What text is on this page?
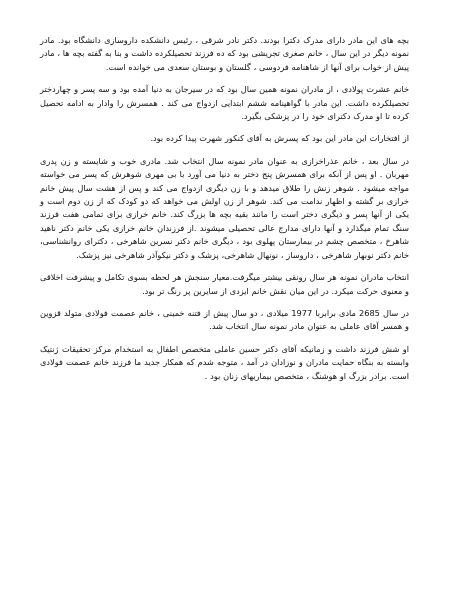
بچه های این مادر دارای مدرک دکترا بودند. دکتر نادر شرقی ، رئیس دانشکده داروسازی دانشگاه بود. مادر نمونه دیگر در این سال ، خانم صغری تجریشی بود که ده فرزند تحصیلکرده داشت و بنا به گفته بچه ها ، مادر پیش از خواب برای آنها از شاهنامه فردوسی ، گلستان و بوستان سعدی می خوانده است.

خانم عشرت پولادی ، از مادران نمونه همین سال بود که در سیرجان به دنیا آمده بود و سه پسر و چهاردختر تحصیلکرده داشت. این مادر با گواهینامه ششم ابتدایی ازدواج می کند . همسرش را وادار به ادامه تحصیل کرده تا او مدرک دکترای خود را در پزشکی بگیرد.

از افتخارات این مادر این بود که پسرش به آقای کنکور شهرت پیدا کرده بود.

در سال بعد ، خانم عذراخرازی به عنوان مادر نمونه سال انتخاب شد. مادری خوب و شایسته و زن پدری مهربان . او پس از آنکه برای همسرش پنج دختر به دنیا می آورد با بی مهری شوهرش که پسر می خواسته مواجه میشود . شوهر زنش را طلاق میدهد و با زن دیگری ازدواج می کند و پس از هشت سال پیش خانم خرازی بر گشته و اظهار ندامت می کند. شوهر از زن اولش می خواهد که دو کودک که از زن دوم است و یکی از آنها پسر و دیگری دختر است را مانند بقیه بچه ها بزرگ کند. خانم خرازی برای تمامی هفت فرزند سنگ تمام میگذارد و آنها دارای مدارج عالی تحصیلی میشوند .از فرزندان خانم خرازی یکی خانم دکتر ناهید شاهرخ ، متخصص چشم در بیمارستان پهلوی بود ، دیگری خانم دکتر نسرین شاهرخی ، دکترای روانشناسی، خانم دکتر نوبهار شاهرخی ، داروساز ، نونهال شاهرخی، پزشک و دکتر نیکوآذر شاهرخی نیز پزشک.

انتخاب مادران نمونه هر سال رونقی بیشتر میگرفت.معیار سنجش هر لحظه بسوی تکامل و پیشرفت اخلاقی و معنوی حرکت میکرد. در این میان نقش خانم ایزدی از سایرین پر رنگ تر بود.

در سال 2685 مادی برابربا 1977 میلادی ، دو سال پیش از فتنه خمینی ، خانم عصمت فولادی متولد قزوین و همسر آقای عاملی به عنوان مادر نمونه سال انتخاب شد.

او شش فرزند داشت و زمانیکه آقای دکتر حسین عاملی متخصص اطفال به استخدام مرکز تحقیقات ژنتیک وابسته به بنگاه حمایت مادران و نوزادان در آمد ، متوجه شدم که همکار جدید ما فرزند خانم عصمت فولادی است. برادر بزرگ او هوشنگ ، متخصص بیماریهای زنان بود .
